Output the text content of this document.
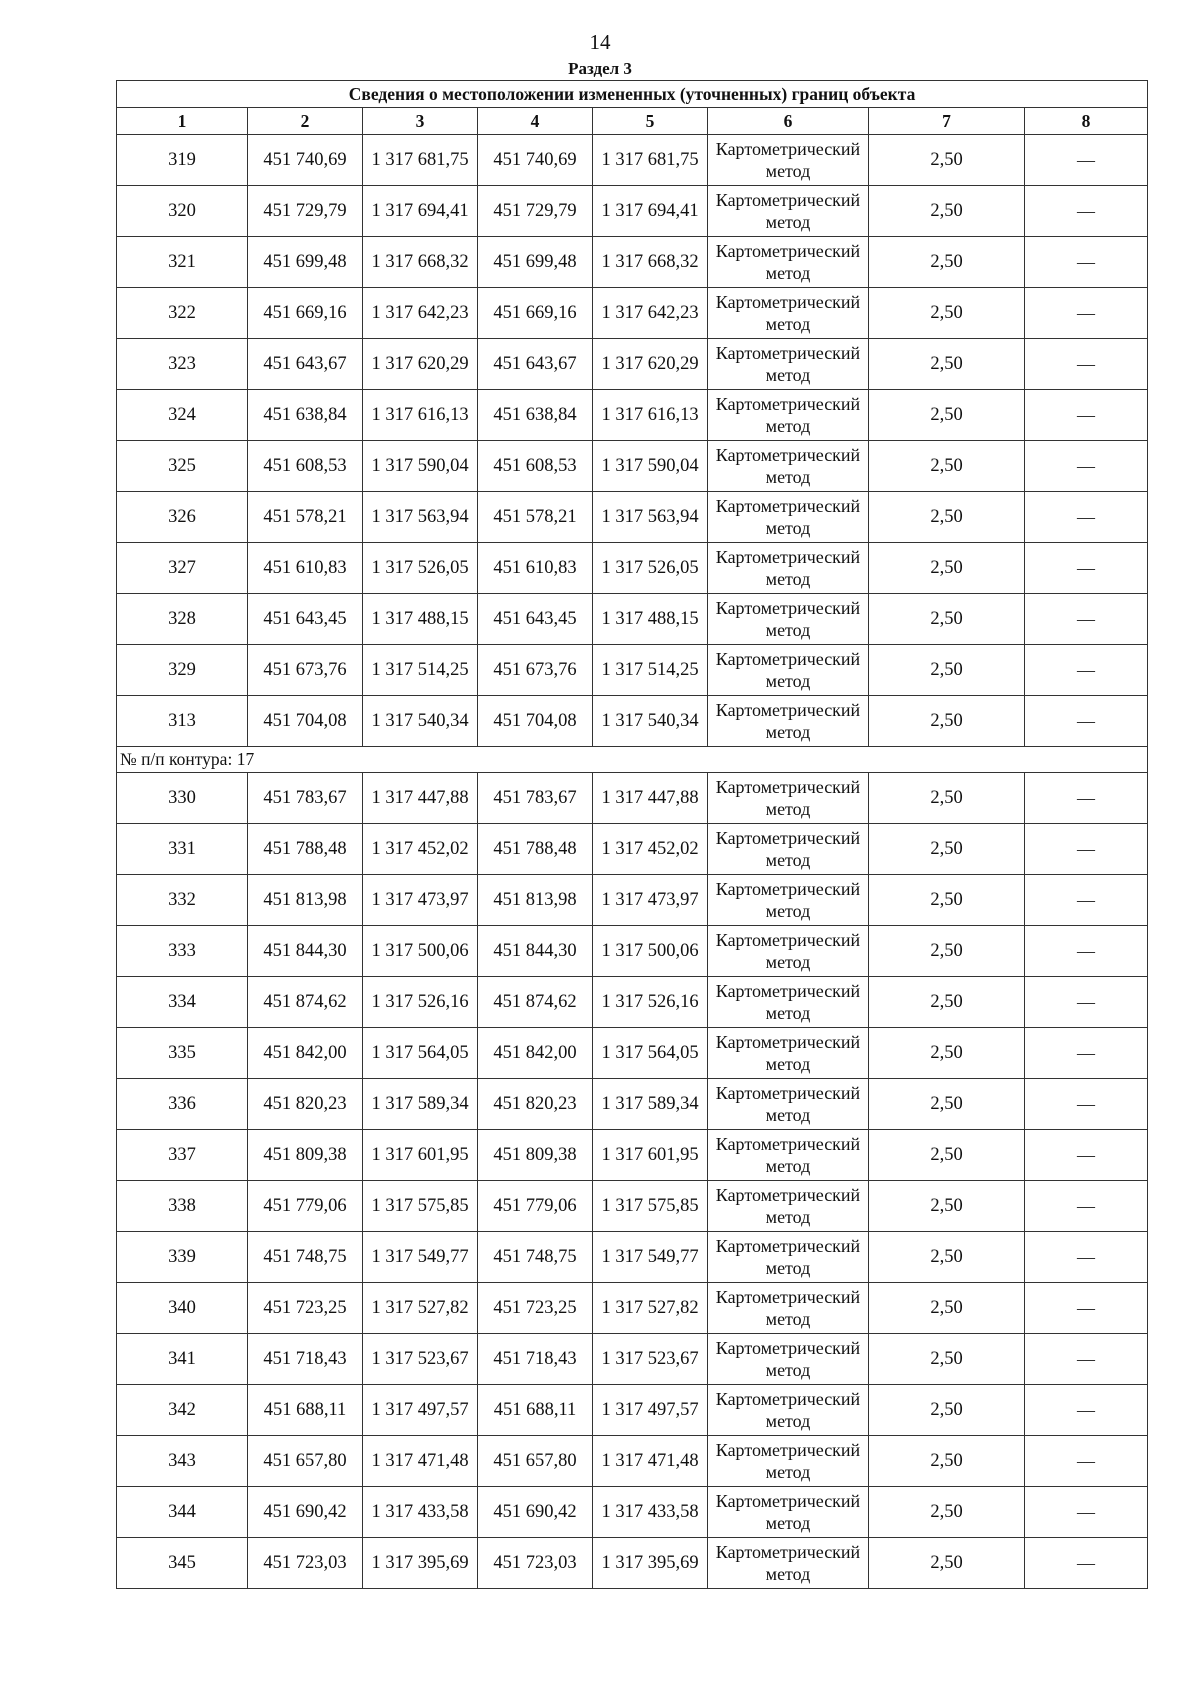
14
Раздел 3
Сведения о местоположении измененных (уточненных) границ объекта							
1	2	3	4	5	6	7	8
319	451 740,69	1 317 681,75	451 740,69	1 317 681,75	Картометрический метод	2,50	—
320	451 729,79	1 317 694,41	451 729,79	1 317 694,41	Картометрический метод	2,50	—
321	451 699,48	1 317 668,32	451 699,48	1 317 668,32	Картометрический метод	2,50	—
322	451 669,16	1 317 642,23	451 669,16	1 317 642,23	Картометрический метод	2,50	—
323	451 643,67	1 317 620,29	451 643,67	1 317 620,29	Картометрический метод	2,50	—
324	451 638,84	1 317 616,13	451 638,84	1 317 616,13	Картометрический метод	2,50	—
325	451 608,53	1 317 590,04	451 608,53	1 317 590,04	Картометрический метод	2,50	—
326	451 578,21	1 317 563,94	451 578,21	1 317 563,94	Картометрический метод	2,50	—
327	451 610,83	1 317 526,05	451 610,83	1 317 526,05	Картометрический метод	2,50	—
328	451 643,45	1 317 488,15	451 643,45	1 317 488,15	Картометрический метод	2,50	—
329	451 673,76	1 317 514,25	451 673,76	1 317 514,25	Картометрический метод	2,50	—
313	451 704,08	1 317 540,34	451 704,08	1 317 540,34	Картометрический метод	2,50	—
№ п/п контура: 17							
330	451 783,67	1 317 447,88	451 783,67	1 317 447,88	Картометрический метод	2,50	—
331	451 788,48	1 317 452,02	451 788,48	1 317 452,02	Картометрический метод	2,50	—
332	451 813,98	1 317 473,97	451 813,98	1 317 473,97	Картометрический метод	2,50	—
333	451 844,30	1 317 500,06	451 844,30	1 317 500,06	Картометрический метод	2,50	—
334	451 874,62	1 317 526,16	451 874,62	1 317 526,16	Картометрический метод	2,50	—
335	451 842,00	1 317 564,05	451 842,00	1 317 564,05	Картометрический метод	2,50	—
336	451 820,23	1 317 589,34	451 820,23	1 317 589,34	Картометрический метод	2,50	—
337	451 809,38	1 317 601,95	451 809,38	1 317 601,95	Картометрический метод	2,50	—
338	451 779,06	1 317 575,85	451 779,06	1 317 575,85	Картометрический метод	2,50	—
339	451 748,75	1 317 549,77	451 748,75	1 317 549,77	Картометрический метод	2,50	—
340	451 723,25	1 317 527,82	451 723,25	1 317 527,82	Картометрический метод	2,50	—
341	451 718,43	1 317 523,67	451 718,43	1 317 523,67	Картометрический метод	2,50	—
342	451 688,11	1 317 497,57	451 688,11	1 317 497,57	Картометрический метод	2,50	—
343	451 657,80	1 317 471,48	451 657,80	1 317 471,48	Картометрический метод	2,50	—
344	451 690,42	1 317 433,58	451 690,42	1 317 433,58	Картометрический метод	2,50	—
345	451 723,03	1 317 395,69	451 723,03	1 317 395,69	Картометрический метод	2,50	—
